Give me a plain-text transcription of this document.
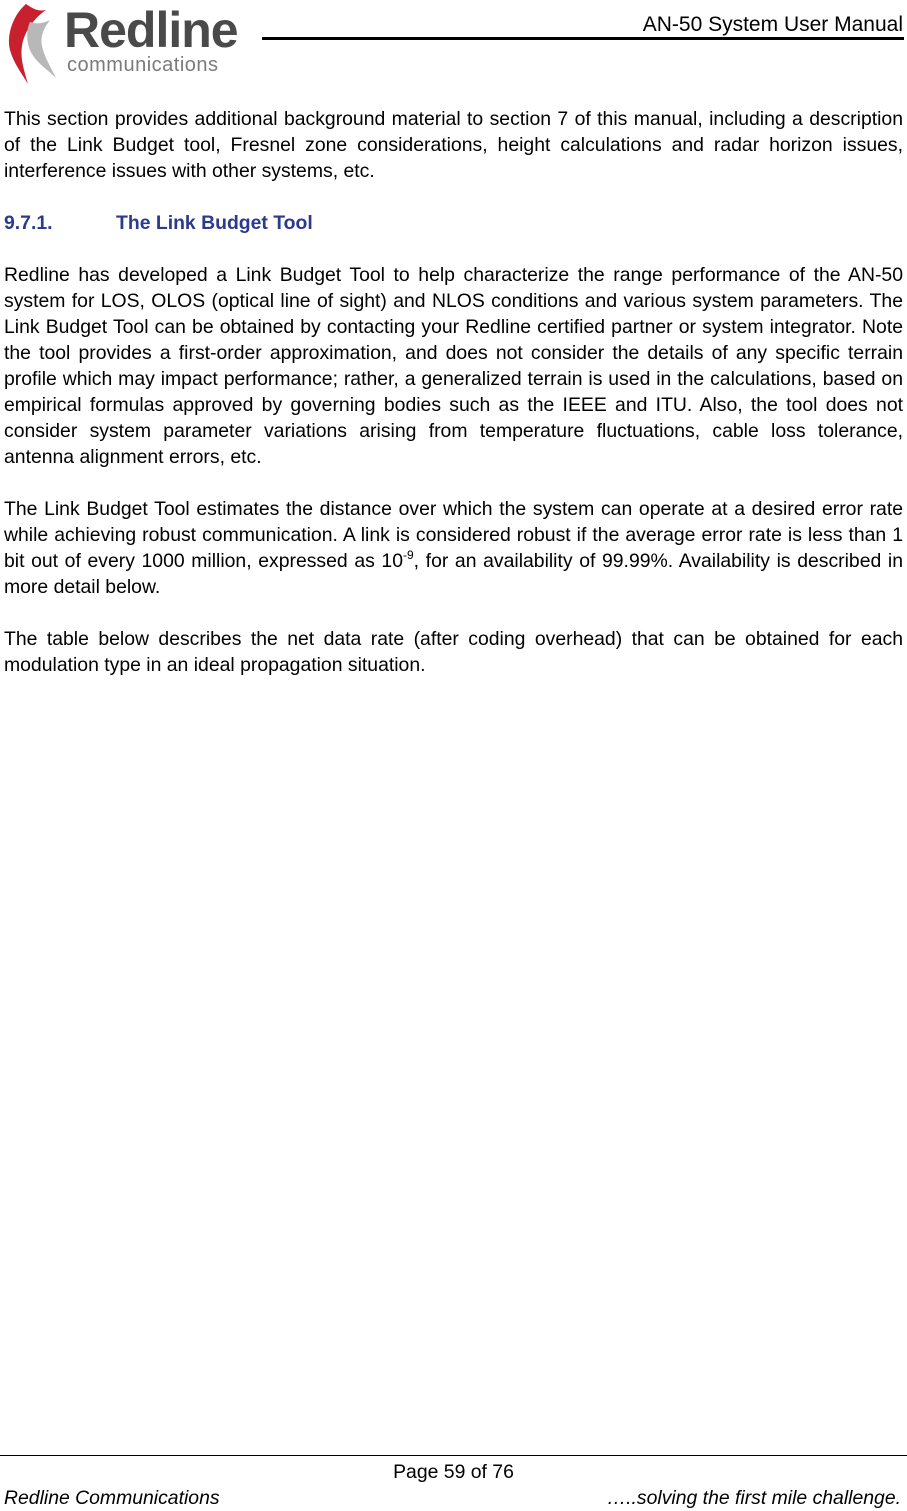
Redline
communications
AN-50 System User Manual

This section provides additional background material to section 7 of this manual, including a description of the Link Budget tool, Fresnel zone considerations, height calculations and radar horizon issues, interference issues with other systems, etc.

9.7.1.	The Link Budget Tool

Redline has developed a Link Budget Tool to help characterize the range performance of the AN-50 system for LOS, OLOS (optical line of sight) and NLOS conditions and various system parameters. The Link Budget Tool can be obtained by contacting your Redline certified partner or system integrator. Note the tool provides a first-order approximation, and does not consider the details of any specific terrain profile which may impact performance; rather, a generalized terrain is used in the calculations, based on empirical formulas approved by governing bodies such as the IEEE and ITU. Also, the tool does not consider system parameter variations arising from temperature fluctuations, cable loss tolerance, antenna alignment errors, etc.

The Link Budget Tool estimates the distance over which the system can operate at a desired error rate while achieving robust communication. A link is considered robust if the average error rate is less than 1 bit out of every 1000 million, expressed as $10^{-9}$, for an availability of 99.99%. Availability is described in more detail below.

The table below describes the net data rate (after coding overhead) that can be obtained for each modulation type in an ideal propagation situation.

Page 59 of 76
Redline Communications	…..solving the first mile challenge.
